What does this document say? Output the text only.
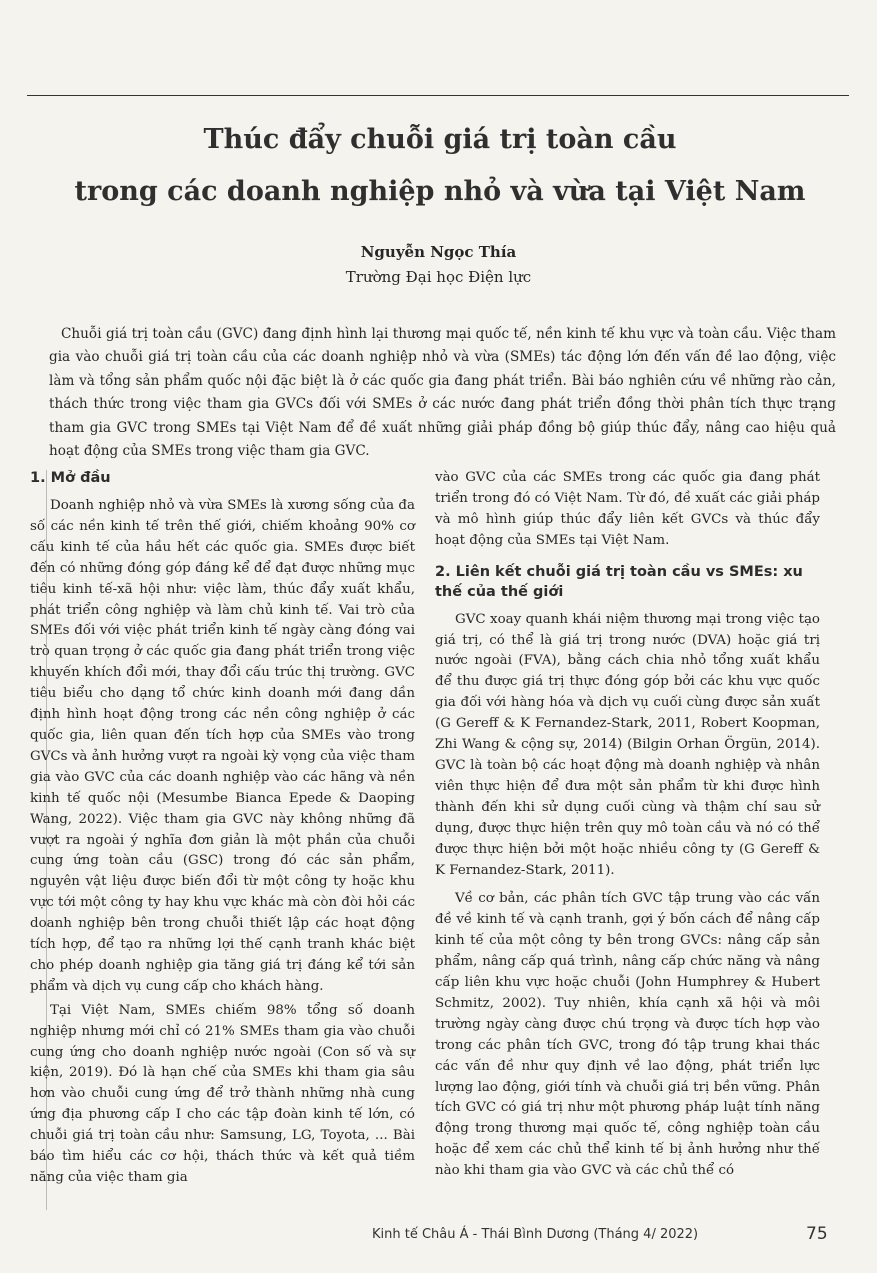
Thúc đẩy chuỗi giá trị toàn cầu
trong các doanh nghiệp nhỏ và vừa tại Việt Nam
Nguyễn Ngọc Thía
Trường Đại học Điện lực

Chuỗi giá trị toàn cầu (GVC) đang định hình lại thương mại quốc tế, nền kinh tế khu vực và toàn cầu. Việc tham gia vào chuỗi giá trị toàn cầu của các doanh nghiệp nhỏ và vừa (SMEs) tác động lớn đến vấn đề lao động, việc làm và tổng sản phẩm quốc nội đặc biệt là ở các quốc gia đang phát triển. Bài báo nghiên cứu về những rào cản, thách thức trong việc tham gia GVCs đối với SMEs ở các nước đang phát triển đồng thời phân tích thực trạng tham gia GVC trong SMEs tại Việt Nam để đề xuất những giải pháp đồng bộ giúp thúc đẩy, nâng cao hiệu quả hoạt động của SMEs trong việc tham gia GVC.

1. Mở đầu

Doanh nghiệp nhỏ và vừa SMEs là xương sống của đa số các nền kinh tế trên thế giới, chiếm khoảng 90% cơ cấu kinh tế của hầu hết các quốc gia. SMEs được biết đến có những đóng góp đáng kể để đạt được những mục tiêu kinh tế-xã hội như: việc làm, thúc đẩy xuất khẩu, phát triển công nghiệp và làm chủ kinh tế. Vai trò của SMEs đối với việc phát triển kinh tế ngày càng đóng vai trò quan trọng ở các quốc gia đang phát triển trong việc khuyến khích đổi mới, thay đổi cấu trúc thị trường. GVC tiêu biểu cho dạng tổ chức kinh doanh mới đang dần định hình hoạt động trong các nền công nghiệp ở các quốc gia, liên quan đến tích hợp của SMEs vào trong GVCs và ảnh hưởng vượt ra ngoài kỳ vọng của việc tham gia vào GVC của các doanh nghiệp vào các hãng và nền kinh tế quốc nội (Mesumbe Bianca Epede & Daoping Wang, 2022). Việc tham gia GVC này không những đã vượt ra ngoài ý nghĩa đơn giản là một phần của chuỗi cung ứng toàn cầu (GSC) trong đó các sản phẩm, nguyên vật liệu được biến đổi từ một công ty hoặc khu vực tới một công ty hay khu vực khác mà còn đòi hỏi các doanh nghiệp bên trong chuỗi thiết lập các hoạt động tích hợp, để tạo ra những lợi thế cạnh tranh khác biệt cho phép doanh nghiệp gia tăng giá trị đáng kể tới sản phẩm và dịch vụ cung cấp cho khách hàng.

Tại Việt Nam, SMEs chiếm 98% tổng số doanh nghiệp nhưng mới chỉ có 21% SMEs tham gia vào chuỗi cung ứng cho doanh nghiệp nước ngoài (Con số và sự kiện, 2019). Đó là hạn chế của SMEs khi tham gia sâu hơn vào chuỗi cung ứng để trở thành những nhà cung ứng địa phương cấp I cho các tập đoàn kinh tế lớn, có chuỗi giá trị toàn cầu như: Samsung, LG, Toyota, ... Bài báo tìm hiểu các cơ hội, thách thức và kết quả tiềm năng của việc tham gia

vào GVC của các SMEs trong các quốc gia đang phát triển trong đó có Việt Nam. Từ đó, đề xuất các giải pháp và mô hình giúp thúc đẩy liên kết GVCs và thúc đẩy hoạt động của SMEs tại Việt Nam.

2. Liên kết chuỗi giá trị toàn cầu vs SMEs: xu thế của thế giới

GVC xoay quanh khái niệm thương mại trong việc tạo giá trị, có thể là giá trị trong nước (DVA) hoặc giá trị nước ngoài (FVA), bằng cách chia nhỏ tổng xuất khẩu để thu được giá trị thực đóng góp bởi các khu vực quốc gia đối với hàng hóa và dịch vụ cuối cùng được sản xuất (G Gereff & K Fernandez-Stark, 2011, Robert Koopman, Zhi Wang & cộng sự, 2014) (Bilgin Orhan Örgün, 2014). GVC là toàn bộ các hoạt động mà doanh nghiệp và nhân viên thực hiện để đưa một sản phẩm từ khi được hình thành đến khi sử dụng cuối cùng và thậm chí sau sử dụng, được thực hiện trên quy mô toàn cầu và nó có thể được thực hiện bởi một hoặc nhiều công ty (G Gereff & K Fernandez-Stark, 2011).

Về cơ bản, các phân tích GVC tập trung vào các vấn đề về kinh tế và cạnh tranh, gợi ý bốn cách để nâng cấp kinh tế của một công ty bên trong GVCs: nâng cấp sản phẩm, nâng cấp quá trình, nâng cấp chức năng và nâng cấp liên khu vực hoặc chuỗi (John Humphrey & Hubert Schmitz, 2002). Tuy nhiên, khía cạnh xã hội và môi trường ngày càng được chú trọng và được tích hợp vào trong các phân tích GVC, trong đó tập trung khai thác các vấn đề như quy định về lao động, phát triển lực lượng lao động, giới tính và chuỗi giá trị bền vững. Phân tích GVC có giá trị như một phương pháp luật tính năng động trong thương mại quốc tế, công nghiệp toàn cầu hoặc để xem các chủ thể kinh tế bị ảnh hưởng như thế nào khi tham gia vào GVC và các chủ thể có

Kinh tế Châu Á - Thái Bình Dương (Tháng 4/ 2022)	75
